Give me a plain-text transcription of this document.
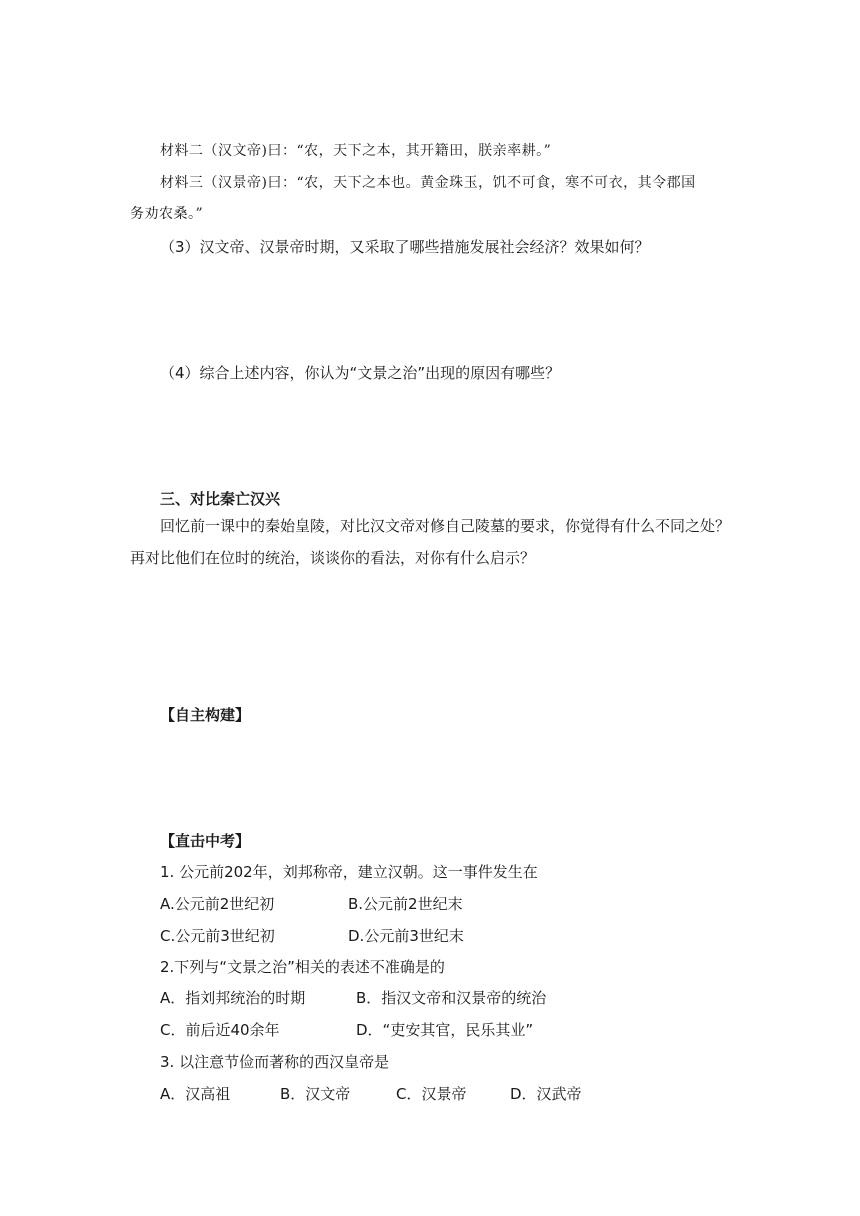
材料二（汉文帝)曰：“农，天下之本，其开籍田，朕亲率耕。”
材料三（汉景帝)曰：“农，天下之本也。黄金珠玉，饥不可食，寒不可衣，其令郡国
务劝农桑。”
（3）汉文帝、汉景帝时期，又采取了哪些措施发展社会经济？效果如何？
（4）综合上述内容，你认为“文景之治”出现的原因有哪些？
三、对比秦亡汉兴
回忆前一课中的秦始皇陵，对比汉文帝对修自己陵墓的要求，你觉得有什么不同之处？
再对比他们在位时的统治，谈谈你的看法，对你有什么启示？
【自主构建】
【直击中考】
1. 公元前202年，刘邦称帝，建立汉朝。这一事件发生在
A.公元前2世纪初	B.公元前2世纪末
C.公元前3世纪初	D.公元前3世纪末
2.下列与“文景之治”相关的表述不准确是的
A．指刘邦统治的时期	B．指汉文帝和汉景帝的统治
C．前后近40余年	D．“吏安其官，民乐其业”
3. 以注意节俭而著称的西汉皇帝是
A．汉高祖	B．汉文帝	C．汉景帝	D．汉武帝
